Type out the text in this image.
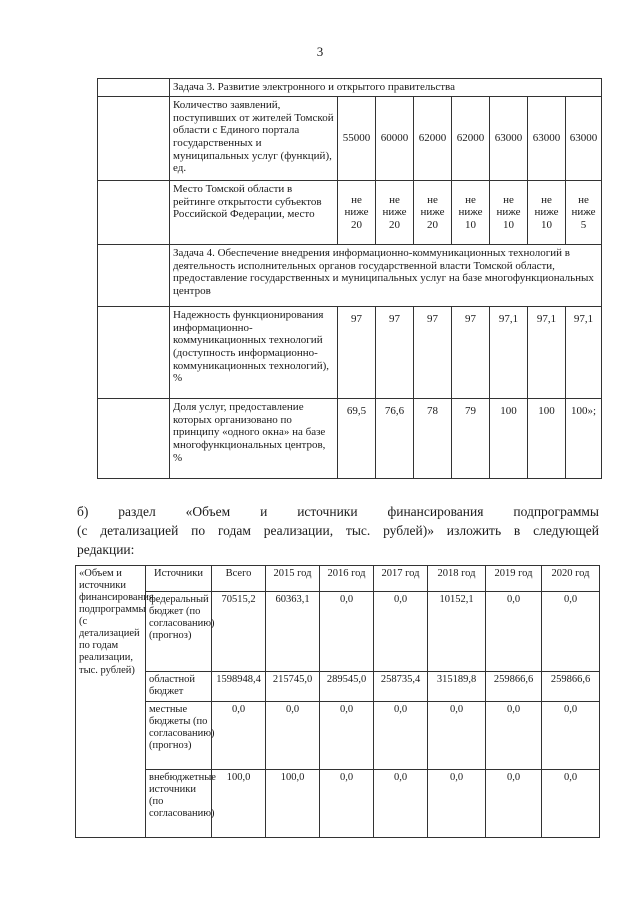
3
	Задача 3. Развитие электронного и открытого правительства							
	Количество заявлений, поступивших от жителей Томской области с Единого портала государственных и муниципальных услуг (функций), ед.	55000	60000	62000	62000	63000	63000	63000
	Место Томской области в рейтинге открытости субъектов Российской Федерации, место	не ниже 20	не ниже 20	не ниже 20	не ниже 10	не ниже 10	не ниже 10	не ниже 5
	Задача 4. Обеспечение внедрения информационно-коммуникационных технологий в деятельность исполнительных органов государственной власти Томской области, предоставление государственных и муниципальных услуг на базе многофункциональных центров							
	Надежность функционирования информационно-коммуникационных технологий (доступность информационно-коммуникационных технологий), %	97	97	97	97	97,1	97,1	97,1
	Доля услуг, предоставление которых организовано по принципу «одного окна» на базе многофункциональных центров, %	69,5	76,6	78	79	100	100	100»;
б) раздел «Объем и источники финансирования подпрограммы
(с детализацией по годам реализации, тыс. рублей)» изложить в следующей
редакции:
«Объем и источники финансирования подпрограммы (с детализацией по годам реализации, тыс. рублей)	Источники	Всего	2015 год	2016 год	2017 год	2018 год	2019 год	2020 год
	федеральный бюджет (по согласованию) (прогноз)	70515,2	60363,1	0,0	0,0	10152,1	0,0	0,0
	областной бюджет	1598948,4	215745,0	289545,0	258735,4	315189,8	259866,6	259866,6
	местные бюджеты (по согласованию) (прогноз)	0,0	0,0	0,0	0,0	0,0	0,0	0,0
	внебюджетные источники (по согласованию)	100,0	100,0	0,0	0,0	0,0	0,0	0,0
